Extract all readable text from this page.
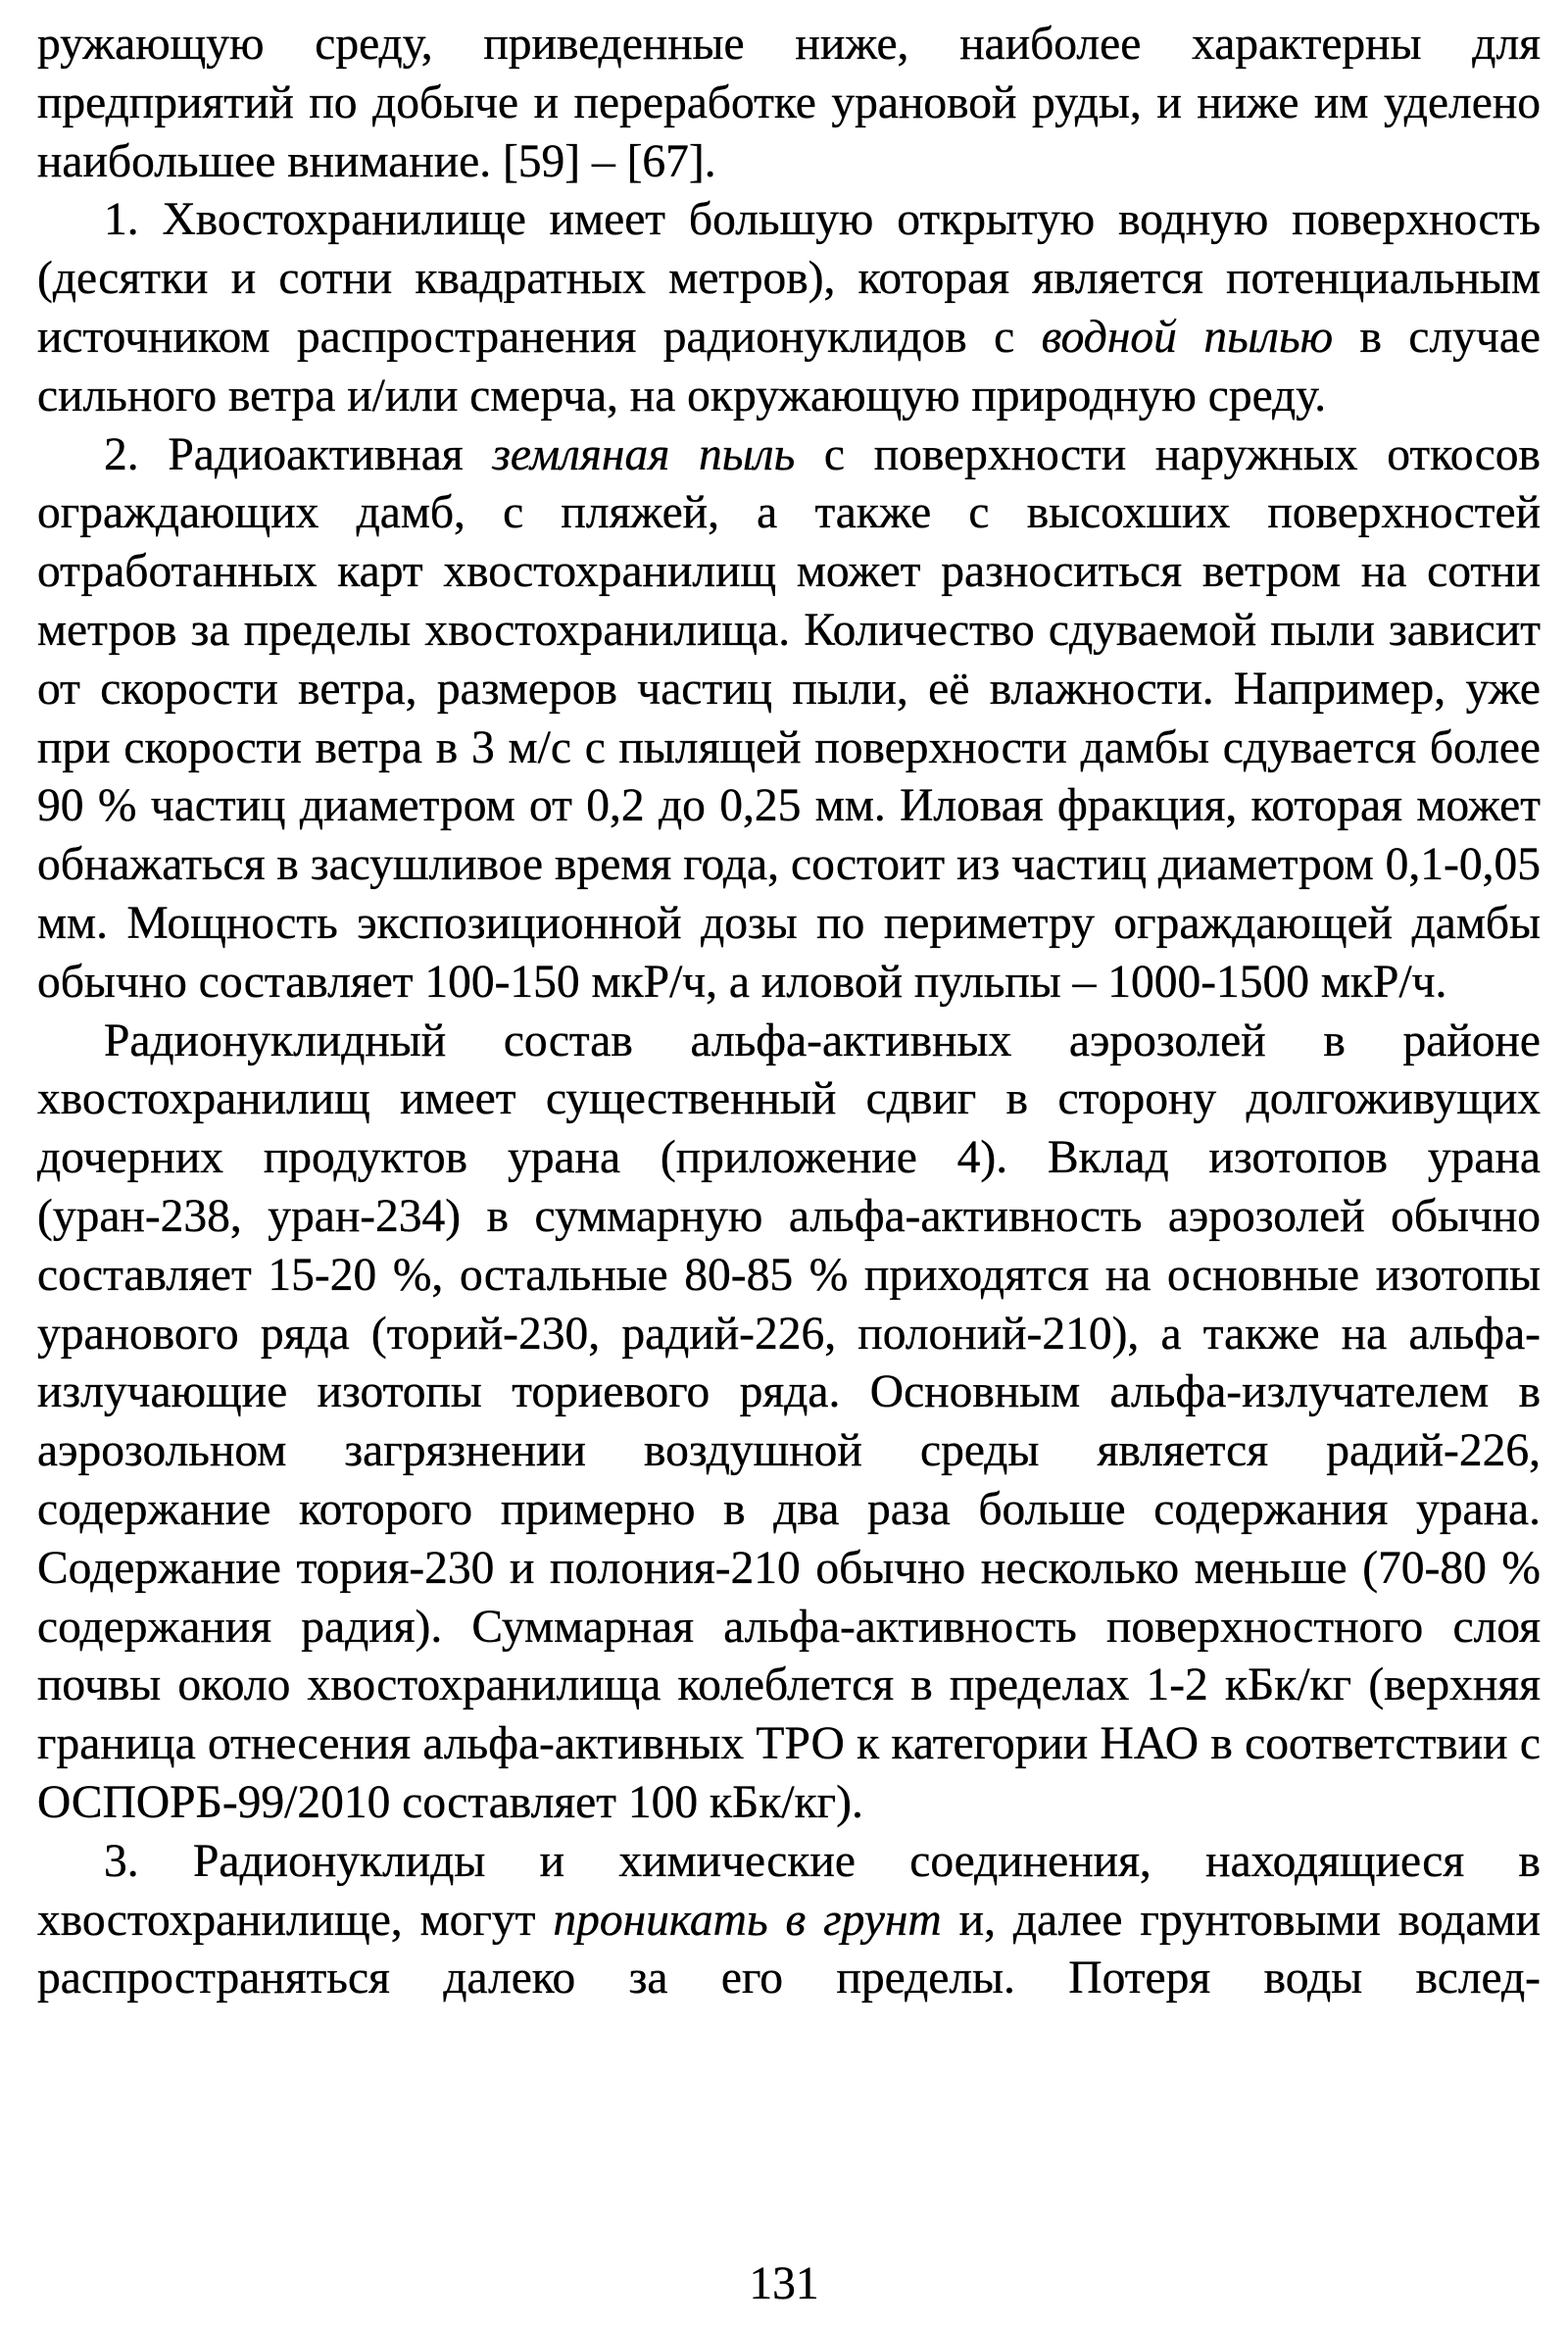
ружающую среду, приведенные ниже, наиболее характерны для предприятий по добыче и переработке урановой руды, и ниже им уделено наибольшее внимание. [59] – [67].

1. Хвостохранилище имеет большую открытую водную поверхность (десятки и сотни квадратных метров), которая является потенциальным источником распространения радионуклидов с водной пылью в случае сильного ветра и/или смерча, на окружающую природную среду.

2. Радиоактивная земляная пыль с поверхности наружных откосов ограждающих дамб, с пляжей, а также с высохших поверхностей отработанных карт хвостохранилищ может разноситься ветром на сотни метров за пределы хвостохранилища. Количество сдуваемой пыли зависит от скорости ветра, размеров частиц пыли, её влажности. Например, уже при скорости ветра в 3 м/с с пылящей поверхности дамбы сдувается более 90 % частиц диаметром от 0,2 до 0,25 мм. Иловая фракция, которая может обнажаться в засушливое время года, состоит из частиц диаметром 0,1-0,05 мм. Мощность экспозиционной дозы по периметру ограждающей дамбы обычно составляет 100-150 мкР/ч, а иловой пульпы – 1000-1500 мкР/ч.

Радионуклидный состав альфа-активных аэрозолей в районе хвостохранилищ имеет существенный сдвиг в сторону долгоживущих дочерних продуктов урана (приложение 4). Вклад изотопов урана (уран-238, уран-234) в суммарную альфа-активность аэрозолей обычно составляет 15-20 %, остальные 80-85 % приходятся на основные изотопы уранового ряда (торий-230, радий-226, полоний-210), а также на альфа-излучающие изотопы ториевого ряда. Основным альфа-излучателем в аэрозольном загрязнении воздушной среды является радий-226, содержание которого примерно в два раза больше содержания урана. Содержание тория-230 и полония-210 обычно несколько меньше (70-80 % содержания радия). Суммарная альфа-активность поверхностного слоя почвы около хвостохранилища колеблется в пределах 1-2 кБк/кг (верхняя граница отнесения альфа-активных ТРО к категории НАО в соответствии с ОСПОРБ-99/2010 составляет 100 кБк/кг).

3. Радионуклиды и химические соединения, находящиеся в хвостохранилище, могут проникать в грунт и, далее грунтовыми водами распространяться далеко за его пределы. Потеря воды вслед-

131
